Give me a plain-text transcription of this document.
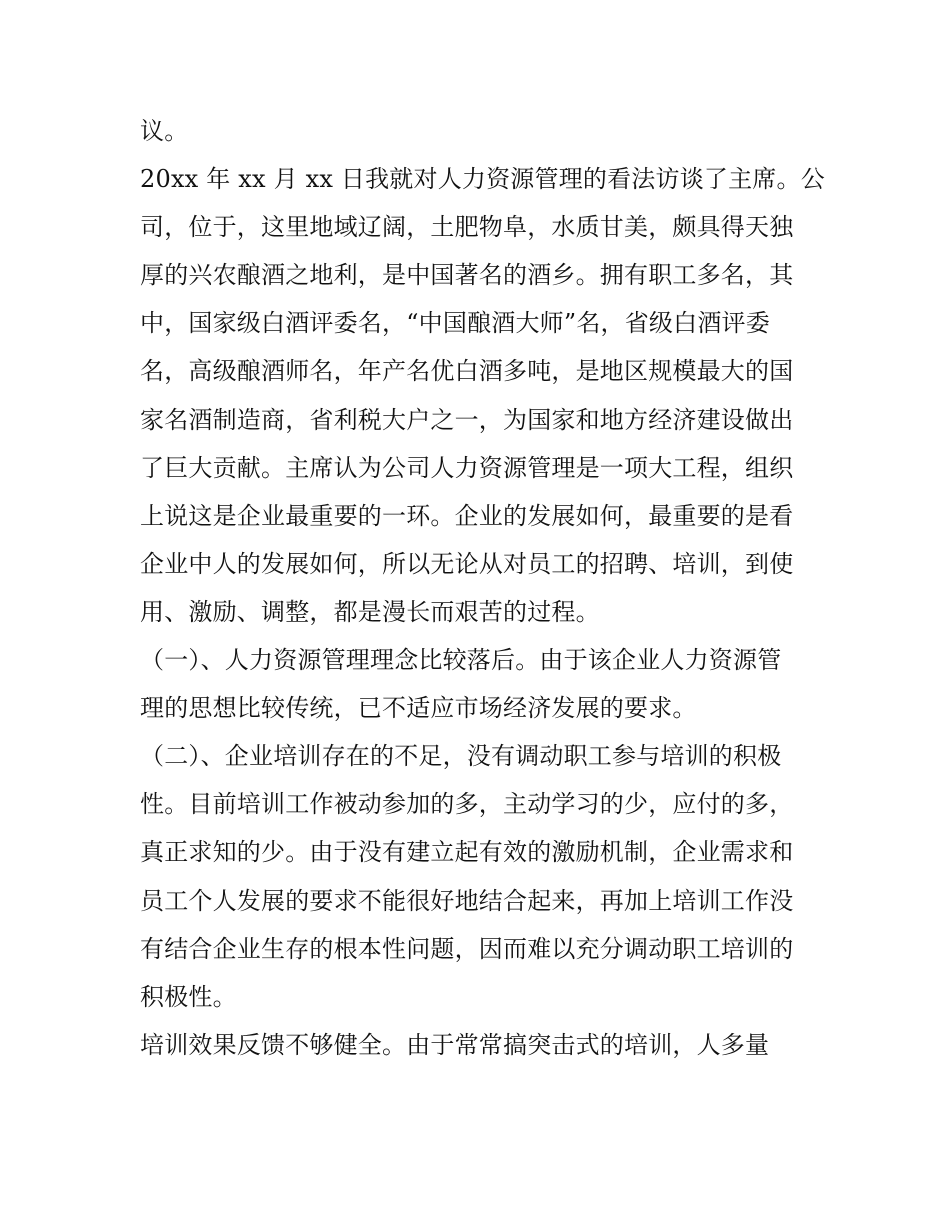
议。
20xx 年 xx 月 xx 日我就对人力资源管理的看法访谈了主席。公
司，位于，这里地域辽阔，土肥物阜，水质甘美，颇具得天独
厚的兴农酿酒之地利，是中国著名的酒乡。拥有职工多名，其
中，国家级白酒评委名，“中国酿酒大师”名，省级白酒评委
名，高级酿酒师名，年产名优白酒多吨，是地区规模最大的国
家名酒制造商，省利税大户之一，为国家和地方经济建设做出
了巨大贡献。主席认为公司人力资源管理是一项大工程，组织
上说这是企业最重要的一环。企业的发展如何，最重要的是看
企业中人的发展如何，所以无论从对员工的招聘、培训，到使
用、激励、调整，都是漫长而艰苦的过程。
（一）、人力资源管理理念比较落后。由于该企业人力资源管
理的思想比较传统，已不适应市场经济发展的要求。
（二）、企业培训存在的不足，没有调动职工参与培训的积极
性。目前培训工作被动参加的多，主动学习的少，应付的多，
真正求知的少。由于没有建立起有效的激励机制，企业需求和
员工个人发展的要求不能很好地结合起来，再加上培训工作没
有结合企业生存的根本性问题，因而难以充分调动职工培训的
积极性。
培训效果反馈不够健全。由于常常搞突击式的培训，人多量
